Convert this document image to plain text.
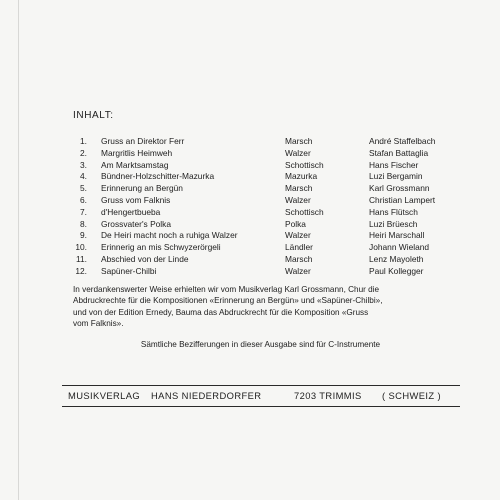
INHALT:
1. Gruss an Direktor Ferr	Marsch	André Staffelbach
2. Margritlis Heimweh	Walzer	Stafan Battaglia
3. Am Marktsamstag	Schottisch	Hans Fischer
4. Bündner-Holzschitter-Mazurka	Mazurka	Luzi Bergamin
5. Erinnerung an Bergün	Marsch	Karl Grossmann
6. Gruss vom Falknis	Walzer	Christian Lampert
7. d'Hengertbueba	Schottisch	Hans Flütsch
8. Grossvater's Polka	Polka	Luzi Brüesch
9. De Heiri macht noch a ruhiga Walzer	Walzer	Heiri Marschall
10. Erinnerig an mis Schwyzerörgeli	Ländler	Johann Wieland
11. Abschied von der Linde	Marsch	Lenz Mayoleth
12. Sapüner-Chilbi	Walzer	Paul Kollegger
In verdankenswerter Weise erhielten wir vom Musikverlag Karl Grossmann, Chur die
Abdruckrechte für die Kompositionen «Erinnerung an Bergün» und «Sapüner-Chilbi»,
und von der Edition Ernedy, Bauma das Abdruckrecht für die Komposition «Gruss
vom Falknis».
Sämtliche Bezifferungen in dieser Ausgabe sind für C-Instrumente
MUSIKVERLAG HANS NIEDERDORFER	7203 TRIMMIS ( SCHWEIZ )
